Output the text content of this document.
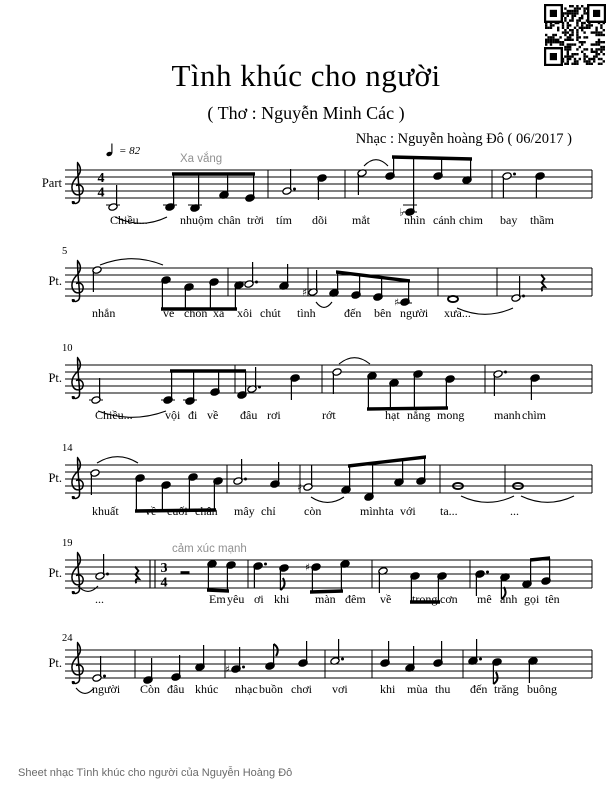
Tình khúc cho người
( Thơ : Nguyễn Minh Các )
Nhạc : Nguyễn hoàng Đô ( 06/2017 )
= 82
Xa vắng
cảm xúc mạnh
Part
Pt.
Pt.
Pt.
Pt.
Pt.
5
10
14
19
24
4
4
♭
♯
♯
♯
3
4
♯
♯
Chiều...	nhuộm chân trời tím dõi mắt	nhìn cánh chim bay thầm
nhắn	về chốn xa xôi chút tình đến bên người xưa...
Chiều...	vội đi về đâu rơi	rớt	hạt nắng mong manh chìm
khuất về cuối chân mây chỉ còn	mình ta với ta...	...
...	Em yêu ơi khi màn đêm về trong cơn mê anh gọi tên
người Còn đâu khúc nhạc buồn chơi vơi	khi mùa thu đến trăng buông
Sheet nhạc Tình khúc cho người của Nguyễn Hoàng Đô
